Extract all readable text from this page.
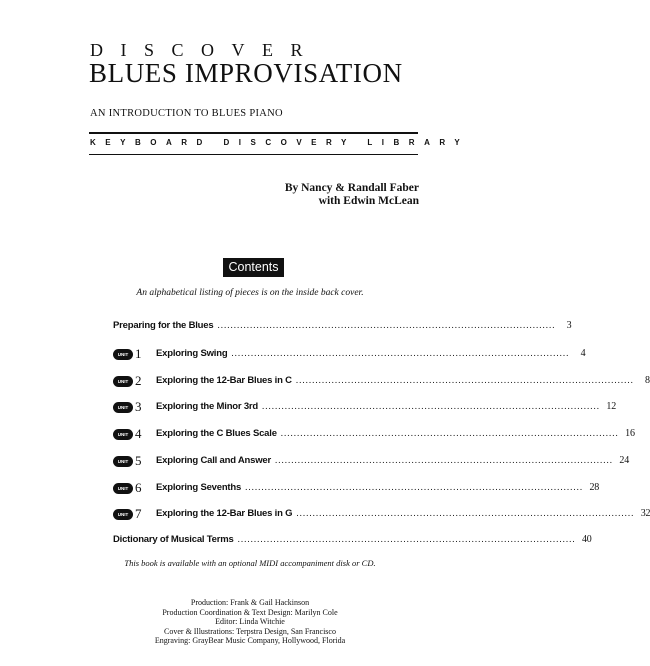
DISCOVER
BLUES IMPROVISATION
AN INTRODUCTION TO BLUES PIANO
KEYBOARD DISCOVERY LIBRARY
By Nancy & Randall Faber
with Edwin McLean
Contents
An alphabetical listing of pieces is on the inside back cover.
Preparing for the Blues ........................................................................................................	3
UNIT 1 Exploring Swing ........................................................................................................	4
UNIT 2 Exploring the 12-Bar Blues in C ........................................................................................................	8
UNIT 3 Exploring the Minor 3rd ........................................................................................................ 12
UNIT 4 Exploring the C Blues Scale ........................................................................................................ 16
UNIT 5 Exploring Call and Answer ........................................................................................................ 24
UNIT 6 Exploring Sevenths ........................................................................................................ 28
UNIT 7 Exploring the 12-Bar Blues in G ........................................................................................................ 32
Dictionary of Musical Terms ........................................................................................................ 40
This book is available with an optional MIDI accompaniment disk or CD.
Production: Frank & Gail Hackinson
Production Coordination & Text Design: Marilyn Cole
Editor: Linda Witchie
Cover & Illustrations: Terpstra Design, San Francisco
Engraving: GrayBear Music Company, Hollywood, Florida
